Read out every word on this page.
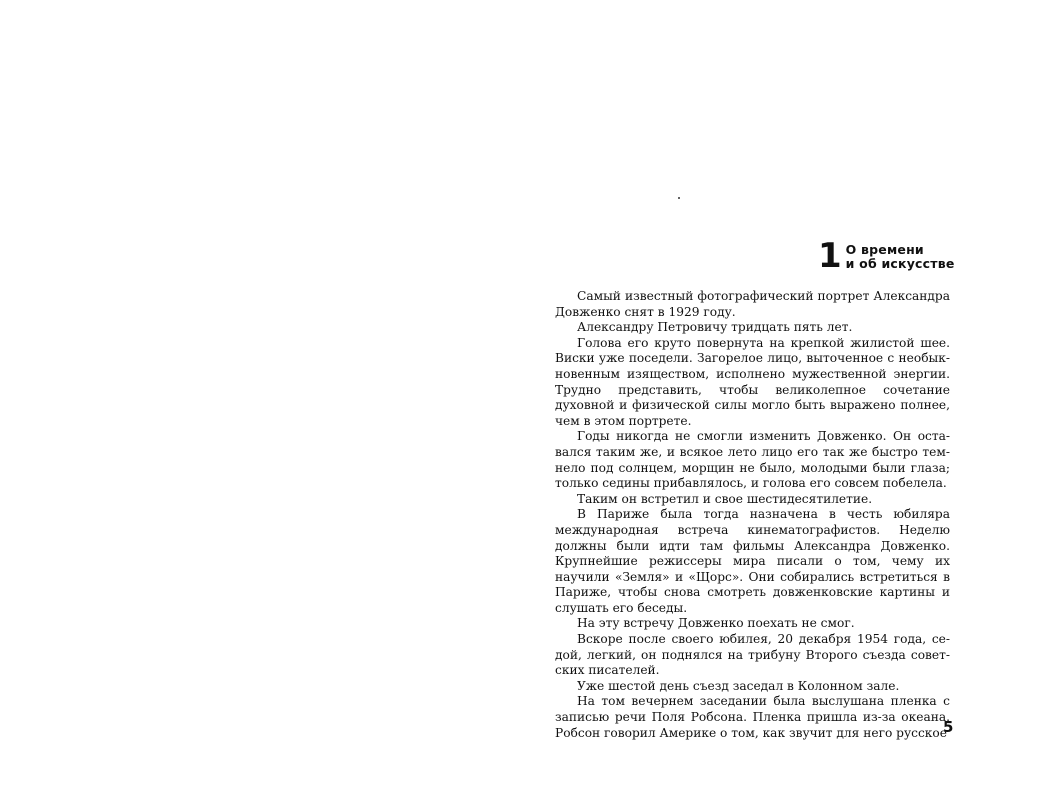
1 О времени
и об искусстве

Самый известный фотографический портрет Александра Довженко снят в 1929 году.

Александру Петровичу тридцать пять лет.

Голова его круто повернута на крепкой жилистой шее. Виски уже поседели. Загорелое лицо, выточенное с необыкновенным изяществом, исполнено мужественной энергии. Трудно представить, чтобы великолепное сочетание духовной и физической силы могло быть выражено полнее, чем в этом портрете.

Годы никогда не смогли изменить Довженко. Он оставался таким же, и всякое лето лицо его так же быстро темнело под солнцем, морщин не было, молодыми были глаза; только седины прибавлялось, и голова его совсем побелела.

Таким он встретил и свое шестидесятилетие.

В Париже была тогда назначена в честь юбиляра международная встреча кинематографистов. Неделю должны были идти там фильмы Александра Довженко. Крупнейшие режиссеры мира писали о том, чему их научили «Земля» и «Щорс». Они собирались встретиться в Париже, чтобы снова смотреть довженковские картины и слушать его беседы.

На эту встречу Довженко поехать не смог.

Вскоре после своего юбилея, 20 декабря 1954 года, седой, легкий, он поднялся на трибуну Второго съезда советских писателей.

Уже шестой день съезд заседал в Колонном зале.

На том вечернем заседании была выслушана пленка с записью речи Поля Робсона. Пленка пришла из-за океана. Робсон говорил Америке о том, как звучит для него русское

5
